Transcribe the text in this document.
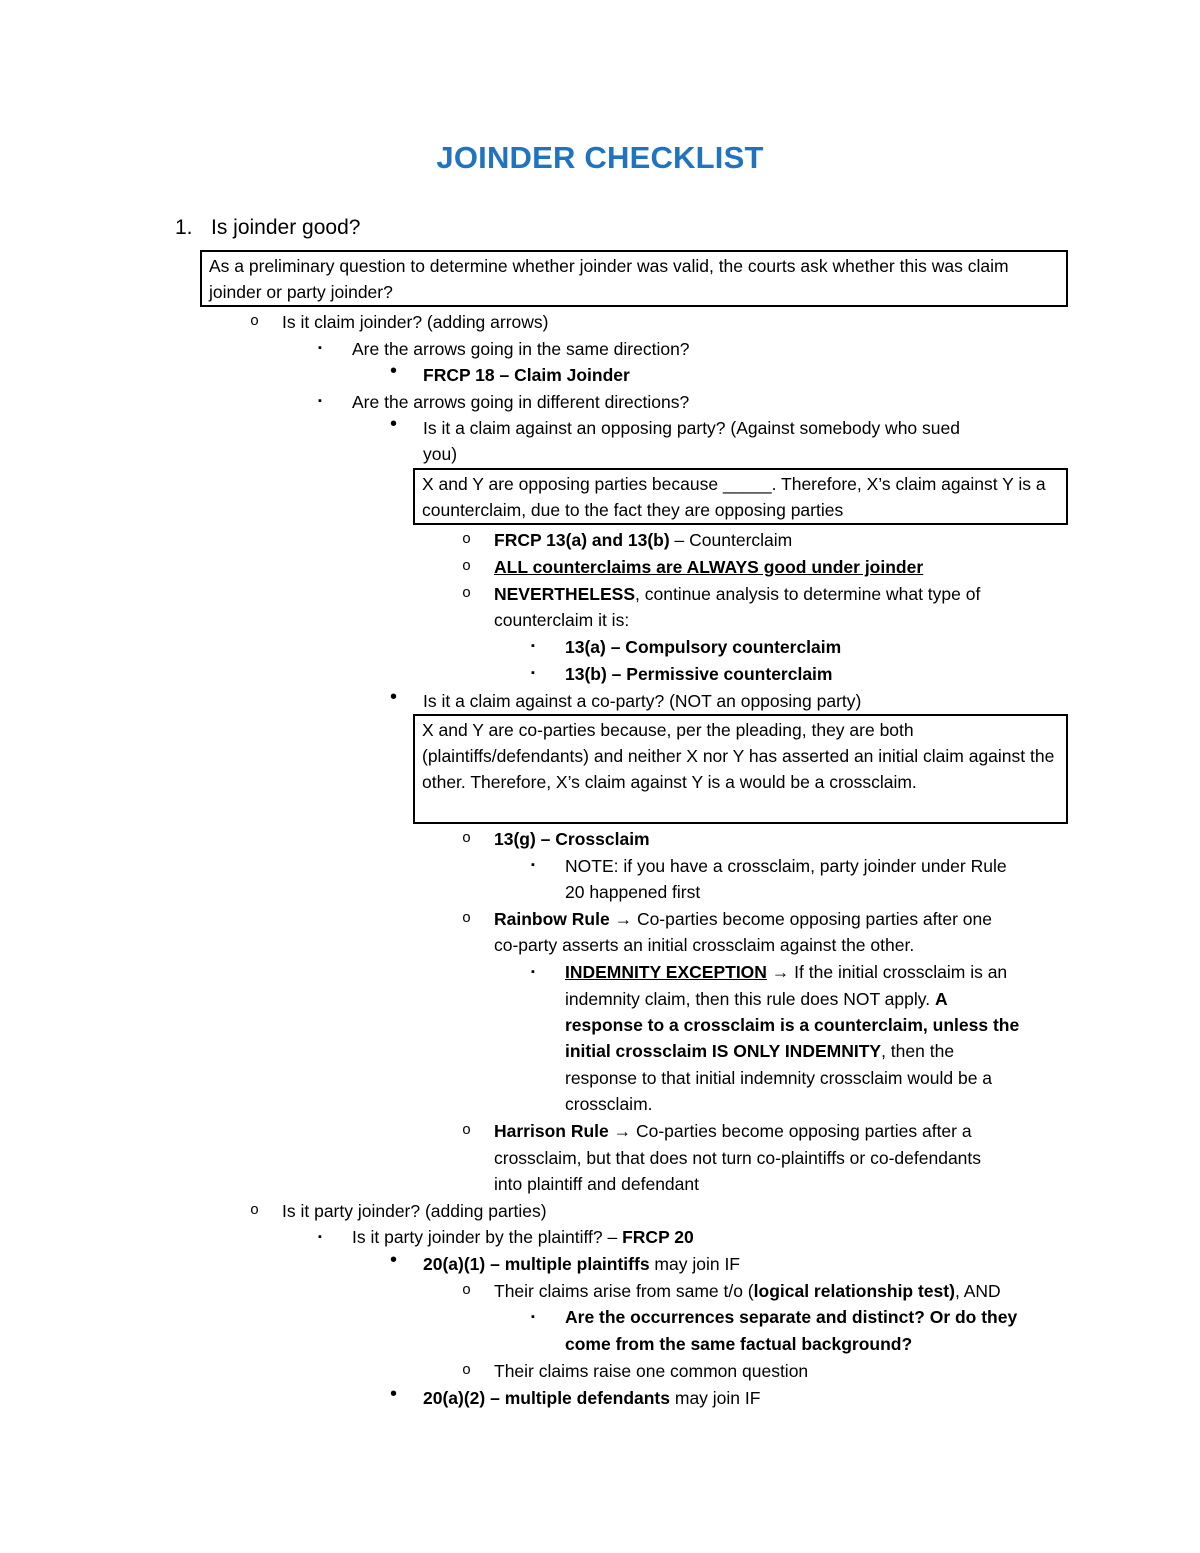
JOINDER CHECKLIST
1. Is joinder good?
As a preliminary question to determine whether joinder was valid, the courts ask whether this was claim joinder or party joinder?
o Is it claim joinder? (adding arrows)
▪ Are the arrows going in the same direction?
• FRCP 18 – Claim Joinder
▪ Are the arrows going in different directions?
• Is it a claim against an opposing party? (Against somebody who sued
you)
X and Y are opposing parties because _____. Therefore, X’s claim against Y is a counterclaim, due to the fact they are opposing parties
o FRCP 13(a) and 13(b) – Counterclaim
o ALL counterclaims are ALWAYS good under joinder
o NEVERTHELESS, continue analysis to determine what type of
counterclaim it is:
▪ 13(a) – Compulsory counterclaim
▪ 13(b) – Permissive counterclaim
• Is it a claim against a co-party? (NOT an opposing party)
X and Y are co-parties because, per the pleading, they are both (plaintiffs/defendants) and neither X nor Y has asserted an initial claim against the other. Therefore, X’s claim against Y is a would be a crossclaim.
o 13(g) – Crossclaim
▪ NOTE: if you have a crossclaim, party joinder under Rule
20 happened first
o Rainbow Rule → Co-parties become opposing parties after one
co-party asserts an initial crossclaim against the other.
▪ INDEMNITY EXCEPTION → If the initial crossclaim is an
indemnity claim, then this rule does NOT apply. A
response to a crossclaim is a counterclaim, unless the
initial crossclaim IS ONLY INDEMNITY, then the
response to that initial indemnity crossclaim would be a
crossclaim.
o Harrison Rule → Co-parties become opposing parties after a
crossclaim, but that does not turn co-plaintiffs or co-defendants
into plaintiff and defendant
o Is it party joinder? (adding parties)
▪ Is it party joinder by the plaintiff? – FRCP 20
• 20(a)(1) – multiple plaintiffs may join IF
o Their claims arise from same t/o (logical relationship test), AND
▪ Are the occurrences separate and distinct? Or do they
come from the same factual background?
o Their claims raise one common question
• 20(a)(2) – multiple defendants may join IF
